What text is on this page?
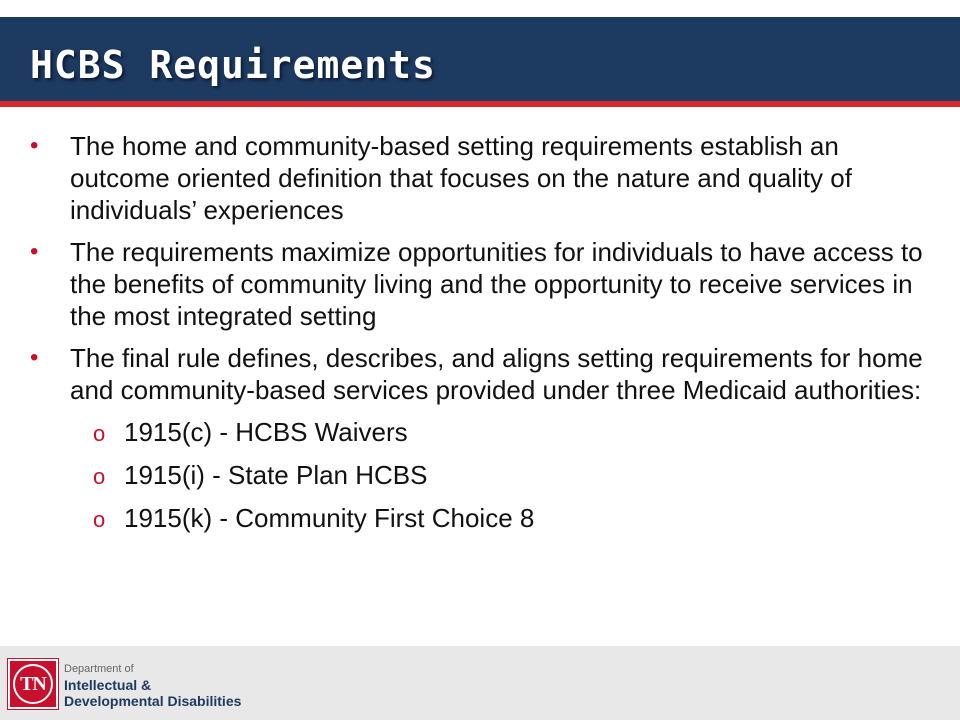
HCBS Requirements
• The home and community-based setting requirements establish an outcome oriented definition that focuses on the nature and quality of individuals’ experiences
• The requirements maximize opportunities for individuals to have access to the benefits of community living and the opportunity to receive services in the most integrated setting
• The final rule defines, describes, and aligns setting requirements for home and community-based services provided under three Medicaid authorities:
o 1915(c) - HCBS Waivers
o 1915(i) - State Plan HCBS
o 1915(k) - Community First Choice 8
TN
Department of
Intellectual &
Developmental Disabilities
